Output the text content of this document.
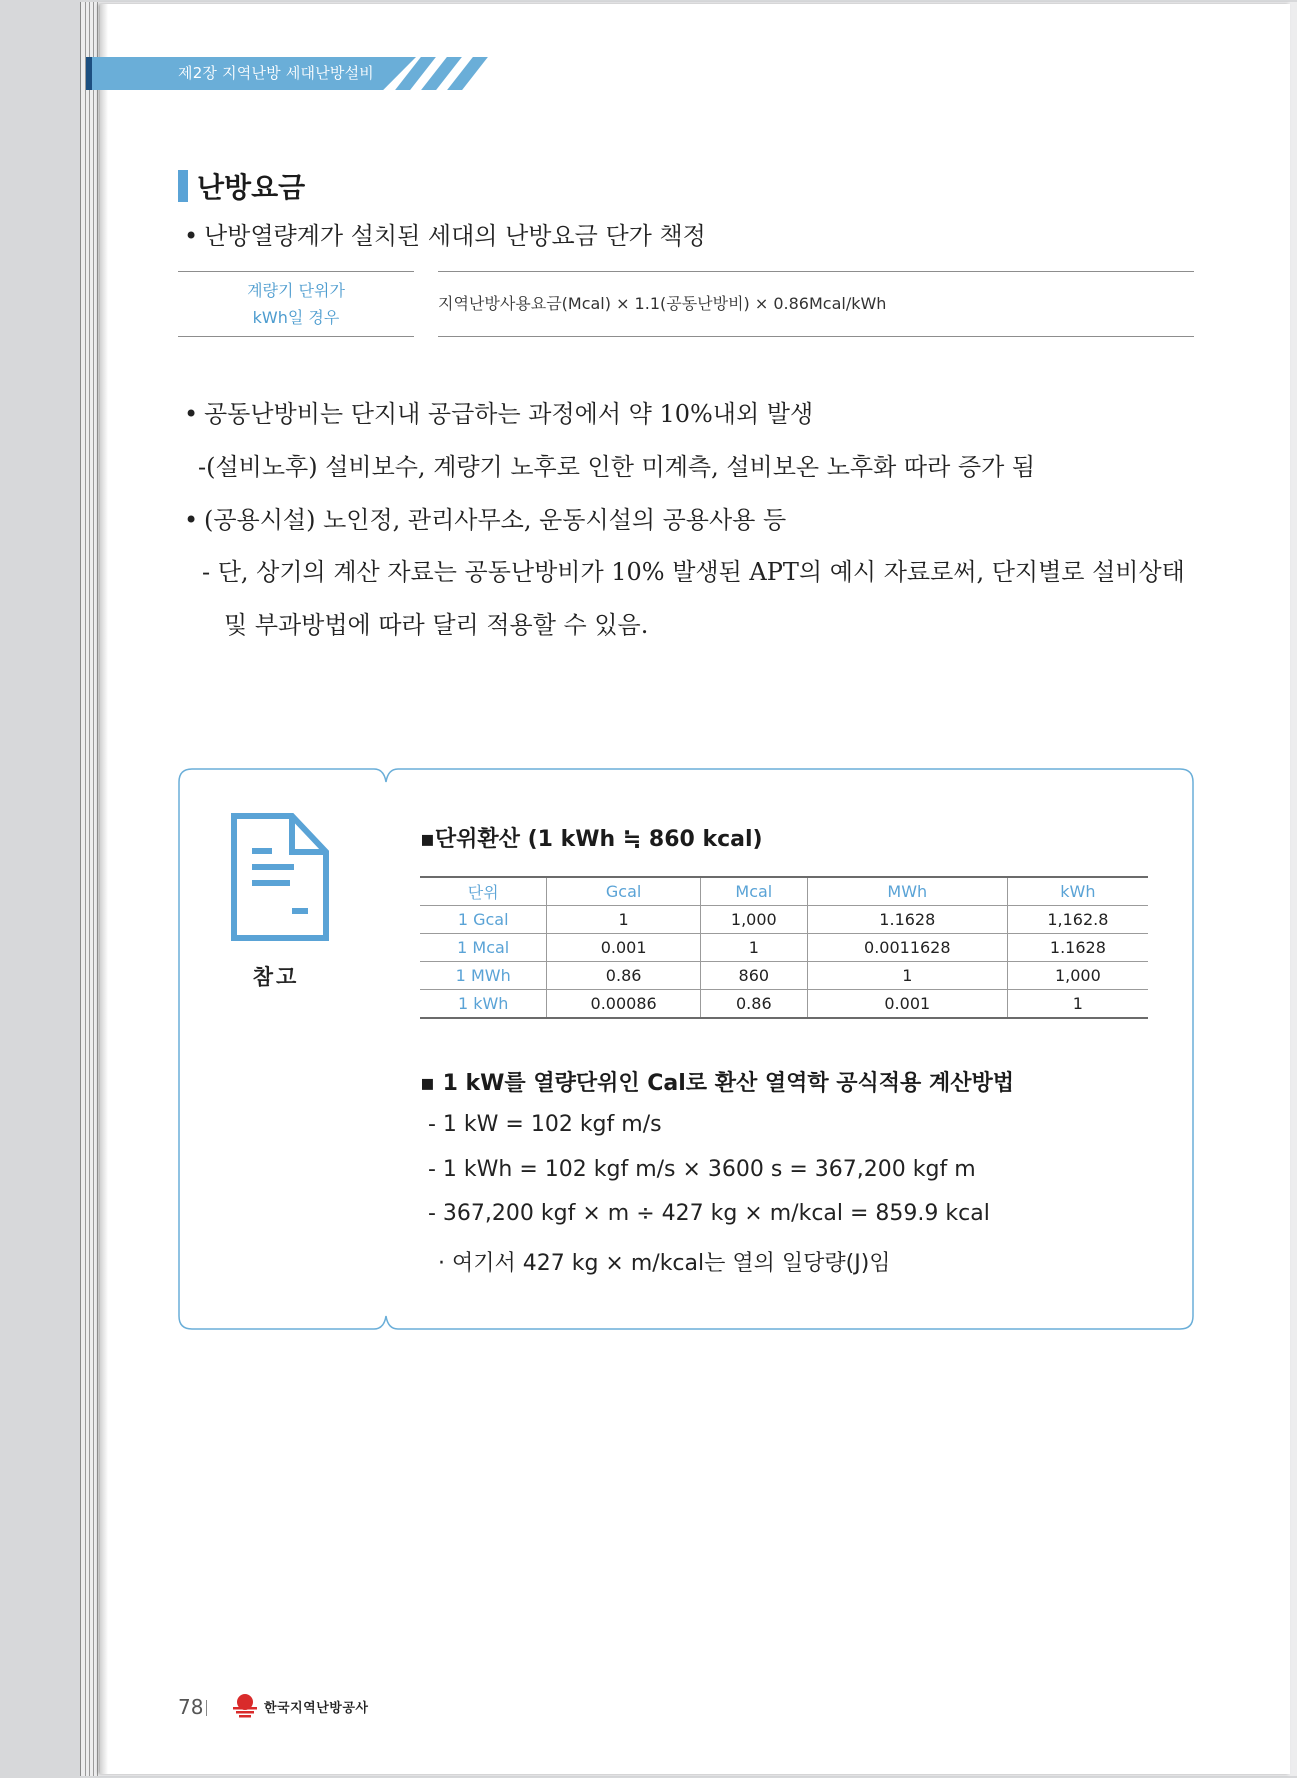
제2장 지역난방 세대난방설비
난방요금
• 난방열량계가 설치된 세대의 난방요금 단가 책정
계량기 단위가
kWh일 경우
지역난방사용요금(Mcal) × 1.1(공동난방비) × 0.86Mcal/kWh
• 공동난방비는 단지내 공급하는 과정에서 약 10%내외 발생
-(설비노후) 설비보수, 계량기 노후로 인한 미계측, 설비보온 노후화 따라 증가 됨
• (공용시설) 노인정, 관리사무소, 운동시설의 공용사용 등
- 단, 상기의 계산 자료는 공동난방비가 10% 발생된 APT의 예시 자료로써, 단지별로 설비상태
및 부과방법에 따라 달리 적용할 수 있음.
참고
▪단위환산 (1 kWh ≒ 860 kcal)
단위	Gcal	Mcal	MWh	kWh
1 Gcal	1	1,000	1.1628	1,162.8
1 Mcal	0.001	1	0.0011628	1.1628
1 MWh	0.86	860	1	1,000
1 kWh	0.00086	0.86	0.001	1
▪ 1 kW를 열량단위인 Cal로 환산 열역학 공식적용 계산방법
- 1 kW = 102 kgf m/s
- 1 kWh = 102 kgf m/s × 3600 s = 367,200 kgf m
- 367,200 kgf × m ÷ 427 kg × m/kcal = 859.9 kcal
· 여기서 427 kg × m/kcal는 열의 일당량(J)임
78	한국지역난방공사
